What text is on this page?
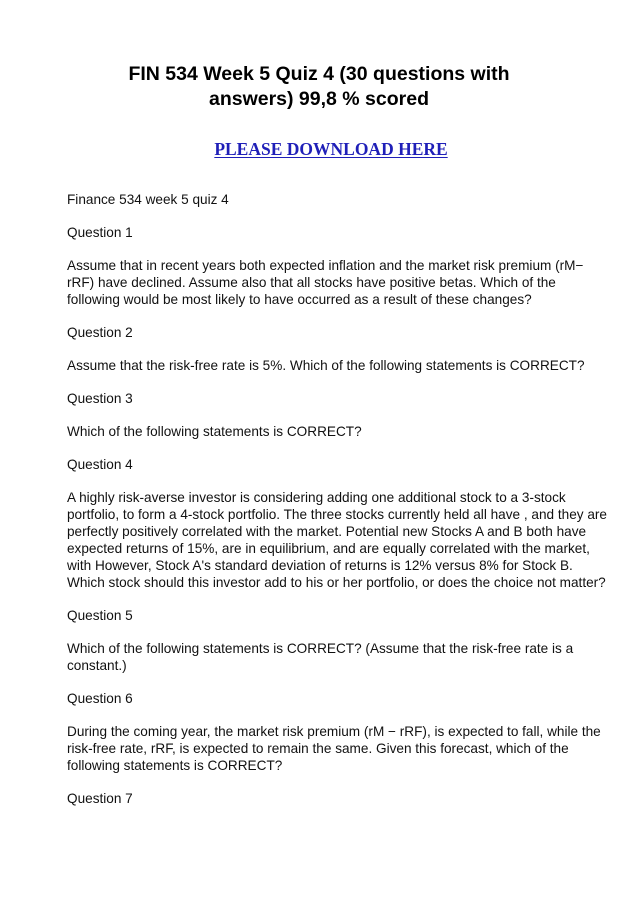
FIN 534 Week 5 Quiz 4 (30 questions with
answers) 99,8 % scored
PLEASE DOWNLOAD HERE

Finance 534 week 5 quiz 4

Question 1

Assume that in recent years both expected inflation and the market risk premium (rM− rRF) have declined. Assume also that all stocks have positive betas. Which of the following would be most likely to have occurred as a result of these changes?

Question 2

Assume that the risk-free rate is 5%. Which of the following statements is CORRECT?

Question 3

Which of the following statements is CORRECT?

Question 4

A highly risk-averse investor is considering adding one additional stock to a 3-stock portfolio, to form a 4-stock portfolio. The three stocks currently held all have , and they are perfectly positively correlated with the market. Potential new Stocks A and B both have expected returns of 15%, are in equilibrium, and are equally correlated with the market, with However, Stock A's standard deviation of returns is 12% versus 8% for Stock B. Which stock should this investor add to his or her portfolio, or does the choice not matter?

Question 5

Which of the following statements is CORRECT? (Assume that the risk-free rate is a constant.)

Question 6

During the coming year, the market risk premium (rM − rRF), is expected to fall, while the risk-free rate, rRF, is expected to remain the same. Given this forecast, which of the following statements is CORRECT?

Question 7
